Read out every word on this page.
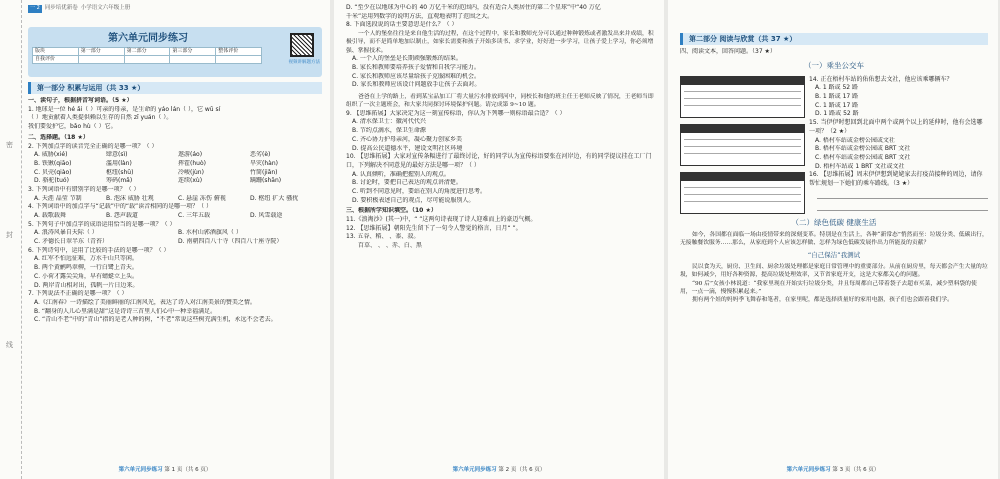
密
封
线
一 2 同步培优新卷 小学语文六年级上册
第六单元同步练习
版块	第一部分	第二部分	第三部分	整体评价
自我评价				
视频讲解题方法
第一部分 积累与运用（共 33 ★）
一、读句子，根据拼音写词语。（5 ★）
1. 地球是一位 hé ǎi（ ）可亲的母亲，是生命的 yáo lán（ ），它 wū sí
（ ）地贡献着人类提供赖以生存的自然 zī yuán（ ）。
我们要爱护它，bǎo hù（ ）它。
二、选择题。（18 ★）
2. 下列加点字的读音完全正确的是哪一项？（ ）
A. 威胁(xié)	肆意(sì)	遨游(áo)	恶劣(è)
B. 铁锹(qiāo)	滥用(làn)	挥霍(huò)	旱灾(hàn)
C. 贝壳(qiào)	枢纽(shū)	冷峻(jùn)	竹简(jiǎn)
D. 骆驼(tuó)	筹码(mǎ)	连续(xù)	蹒跚(shān)
3. 下列词语中有错别字的是哪一项？（ ）
A. 天涯 晶莹 节制	B. 泡沫 威胁 壮观	C. 悬崖 冻伤 俯视	D. 枢纽 扩大 骚扰
4. 下列词语中的加点字与“记载”中的“载”读音相同的是哪一项？（ ）
A. 载歌载舞	B. 怨声载道	C. 三年五载	D. 风雪载途
5. 下列句子中加点字的成语运用恰当的是哪一项？（ ）
A. 浪涛风暴自天际（ ）	B. 水村山郭酒旗风（ ）
C. 矛德长日翠半东（青苔）	D. 南朝四百八十寺（四百八十座寺院）
6. 下列诗句中，运用了比较的手法的是哪一项？（ ）
A. 红军不怕远征难，万水千山只等闲。
B. 两个黄鹂鸣翠柳，一行白鹭上青天。
C. 小荷才露尖尖角，早有蜻蜓立上头。
D. 两岸青山相对出，孤帆一片日边来。
7. 下列说法不正确的是哪一项？（ ）
A.《江南春》一诗描绘了美丽鲜丽的江南风光，表达了诗人对江南美景的赞美之情。
B. “翻身的人儿心里满是甜”这是诗诗三首里人们心中一种幸福满足。
C. “青山不老”中的“青山”指的是老人种的树，“不老”常说这些树充满生机，永远不会老去。
第六单元同步练习 第 1 页（共 6 页）
D. “至少在以地球为中心的 40 万亿千米的范围内，没有适合人类居住的第二个星球”中“40 万亿
千米”运用列数字的说明方法，直观地表明了范围之大。
8. 下面选段说的话主要意思是什么？（ ）
一个人的堡垒往往是来自他生活的过程，在这个过程中，家长和教师充分可以通过种种锻炼或者激发出来并成绩，积极引导，而不是简单地加以制止，如家长需要和孩子开始多读书、求学业，好好进一步学习，让孩子爱上学习，你必须增强、掌握技术。
A. 一个人的堡垒是长期顽强锻炼的结果。
B. 家长和教师要培养孩子爱情和自我学习能力。
C. 家长和教师应该尽量给孩子克服困难的机会。
D. 家长和教师应该设计问题放手让孩子去面对。
爸爸在上学的路上，看到某宝品加工厂将大量污水排放到河中，同校长和他的班主任王老师反映了情况，王老师当即组织了一次主题班会，和大家共同探讨环境保护问题。请完成第 9~10 题。
9. 【思维拓展】大家决定为这一刻宣传标语，你认为下列哪一则标语最合适？（ ）
A. 清水保卫士：徽河代代兴
B. 节约点滴水，保卫生命源
C. 齐心协力护母亲河，凝心聚力创家乡美
D. 提高公民道德水平，建设文明社区环境
10. 【思维拓展】大家对宣传条幅进行了最终讨论，好的同学认为宣传标语要张在河岸边，有的同学提议挂在工厂门口，下列解决不同意见的最好方法是哪一项？（ ）
A. 认真倾听，准确把握别人的观点。
B. 讨论时，要把自己表达的观点讲清楚。
C. 听到不同意见时，要站在别人的角度进行思考。
D. 要积极表述自己的观点，尽可能说服别人。
三、根据所学知识填空。（10 ★）
11.《浪淘沙》(其一)中，“ ”这两句诗表现了诗人迎难而上的豪迈气概。
12. 【思维拓展】朝阳先生留下了一句令人警觉的格言，日月“ ”。
13. 五谷、稻、 、黍、菽。
百草、 、 、赤、白、黑
第六单元同步练习 第 2 页（共 6 页）
第二部分 阅读与欣赏（共 37 ★）
四、阅读文本，回答问题。（37 ★）
（一）乘坐公交车
14. 正在梧村车站的佑佑想去文社，他应该乘哪辆车？
A. 1 路或 52 路
B. 1 路或 17 路
C. 1 路或 17 路
D. 1 路或 52 路
15. 当伊伊时想回到北面中两个或两个以上的延伸时，他有会选哪一项？（2 ★）
A. 梧村车站或金榜公园或文社
B. 梧村车站或金榜公园或 BRT 文社
C. 梧村车站或金榜公园或 BRT 文社
D. 梧村车站或 1 BRT 文社或文社
16. 【思维拓展】周末伊伊想到姥姥家去打疫苗接种的周边，请你帮忙规划一下她们的乘车路线。（3 ★）
（二）绿色低碳 健康生活
如今，各国都在面临一场由疫情带来的深刻变革。特别是在生活上，各种“新常态”悄然而至：垃圾分类、低碳出行，无接触餐饮服务……那么，从家庭到个人应该怎样做、怎样为绿色低碳发展作出力所能及的贡献？
“自己保洁”我测试
民以食为天，厨房、卫生间、厨余垃圾处理都是家庭日常管理中的重要部分。从前在厨房里，每天都会产生大量的垃圾，如何减少，用好各种资源，提高垃圾处理效率，又节省家庭开支，这是大家都关心的问题。
“90 后”女孩小林说道：“我家里现在开始实行垃圾分类，并且每周都自己带着袋子去超市买菜，减少塑料袋的使用，一点一滴，慢慢积累起来。”
拥有两个娃的妈妈季飞舞春和笔者，在家里呢，都是选择质量好的家用电器，孩子们也会跟着我们学。
第六单元同步练习 第 3 页（共 6 页）
